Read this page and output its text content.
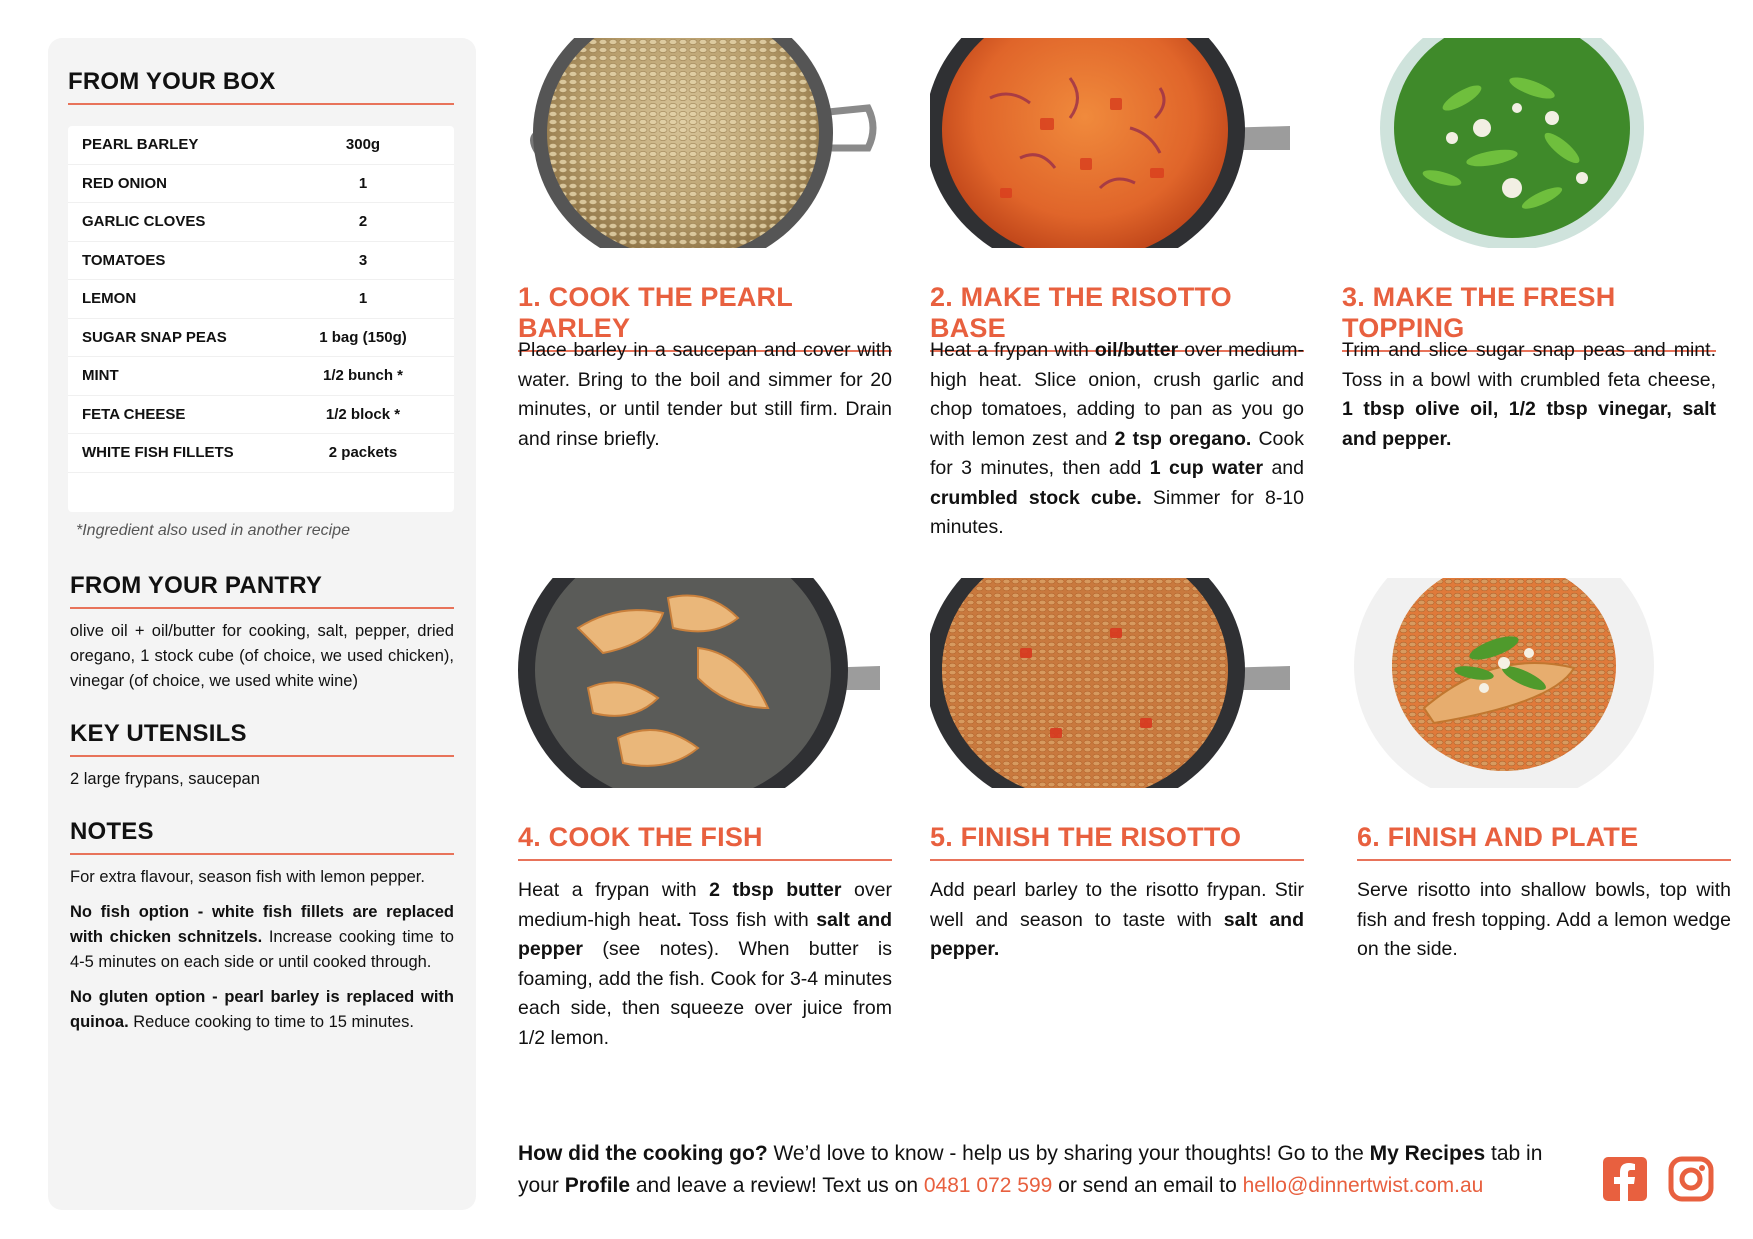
FROM YOUR BOX
PEARL BARLEY	300g
RED ONION	1
GARLIC CLOVES	2
TOMATOES	3
LEMON	1
SUGAR SNAP PEAS	1 bag (150g)
MINT	1/2 bunch *
FETA CHEESE	1/2 block *
WHITE FISH FILLETS	2 packets
*Ingredient also used in another recipe
FROM YOUR PANTRY
olive oil + oil/butter for cooking, salt, pepper, dried oregano, 1 stock cube (of choice, we used chicken), vinegar (of choice, we used white wine)
KEY UTENSILS
2 large frypans, saucepan
NOTES
For extra flavour, season fish with lemon pepper.
No fish option - white fish fillets are replaced with chicken schnitzels. Increase cooking time to 4-5 minutes on each side or until cooked through.
No gluten option - pearl barley is replaced with quinoa. Reduce cooking to time to 15 minutes.
1. COOK THE PEARL BARLEY
2. MAKE THE RISOTTO BASE
3. MAKE THE FRESH TOPPING
4. COOK THE FISH	5. FINISH THE RISOTTO	6. FINISH AND PLATE
Place barley in a saucepan and cover with water. Bring to the boil and simmer for 20 minutes, or until tender but still firm. Drain and rinse briefly.
Heat a frypan with oil/butter over medium-high heat. Slice onion, crush garlic and chop tomatoes, adding to pan as you go with lemon zest and 2 tsp oregano. Cook for 3 minutes, then add 1 cup water and crumbled stock cube. Simmer for 8-10 minutes.
Trim and slice sugar snap peas and mint. Toss in a bowl with crumbled feta cheese, 1 tbsp olive oil, 1/2 tbsp vinegar, salt and pepper.
Heat a frypan with 2 tbsp butter over medium-high heat. Toss fish with salt and pepper (see notes). When butter is foaming, add the fish. Cook for 3-4 minutes each side, then squeeze over juice from 1/2 lemon.
Add pearl barley to the risotto frypan. Stir well and season to taste with salt and pepper.
Serve risotto into shallow bowls, top with fish and fresh topping. Add a lemon wedge on the side.
How did the cooking go? We’d love to know - help us by sharing your thoughts! Go to the My Recipes tab in your Profile and leave a review! Text us on 0481 072 599 or send an email to hello@dinnertwist.com.au
